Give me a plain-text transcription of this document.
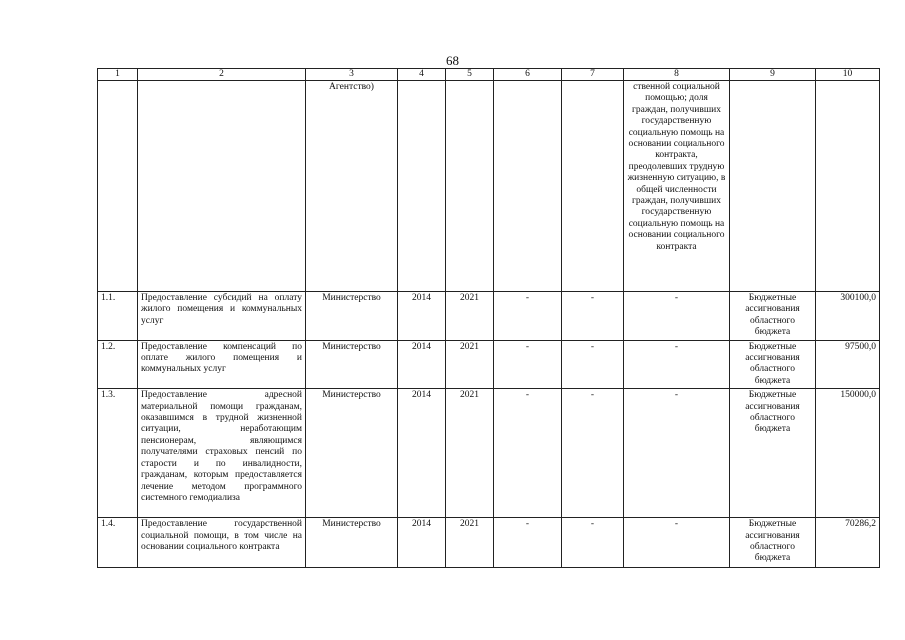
68
1	2	3	4	5	6	7	8	9	10
		Агентство)					ственной социальной помощью; доля граждан, получивших государственную социальную помощь на основании социального контракта, преодолевших трудную жизненную ситуацию, в общей численности граждан, получивших государственную социальную помощь на основании социального контракта		
1.1.	Предоставление субсидий на оплату жилого помещения и коммунальных услуг	Министерство	2014	2021	-	-	-	Бюджетные ассигнования областного бюджета	300100,0
1.2.	Предоставление компенсаций по оплате жилого помещения и коммунальных услуг	Министерство	2014	2021	-	-	-	Бюджетные ассигнования областного бюджета	97500,0
1.3.	Предоставление адресной материальной помощи гражданам, оказавшимся в трудной жизненной ситуации, неработающим пенсионерам, являющимся получателями страховых пенсий по старости и по инвалидности, гражданам, которым предоставляется лечение методом программного системного гемодиализа	Министерство	2014	2021	-	-	-	Бюджетные ассигнования областного бюджета	150000,0
1.4.	Предоставление государственной социальной помощи, в том числе на основании социального контракта	Министерство	2014	2021	-	-	-	Бюджетные ассигнования областного бюджета	70286,2
